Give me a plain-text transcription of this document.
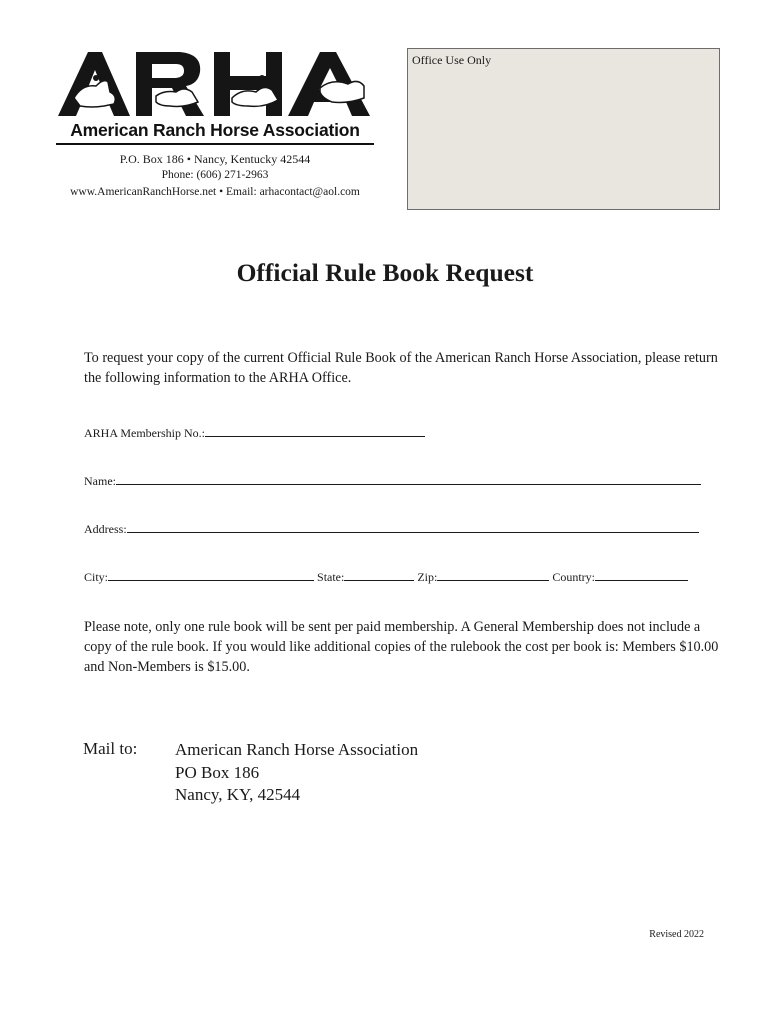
American Ranch Horse Association
P.O. Box 186 • Nancy, Kentucky 42544
Phone: (606) 271-2963
www.AmericanRanchHorse.net • Email: arhacontact@aol.com
Office Use Only
Official Rule Book Request
To request your copy of the current Official Rule Book of the American Ranch Horse Association, please return the following information to the ARHA Office.
ARHA Membership No.:
Name:
Address:
City:	State:	Zip:	Country:
Please note, only one rule book will be sent per paid membership. A General Membership does not include a copy of the rule book. If you would like additional copies of the rulebook the cost per book is: Members $10.00 and Non-Members is $15.00.
Mail to: American Ranch Horse Association
PO Box 186
Nancy, KY, 42544
Revised 2022
